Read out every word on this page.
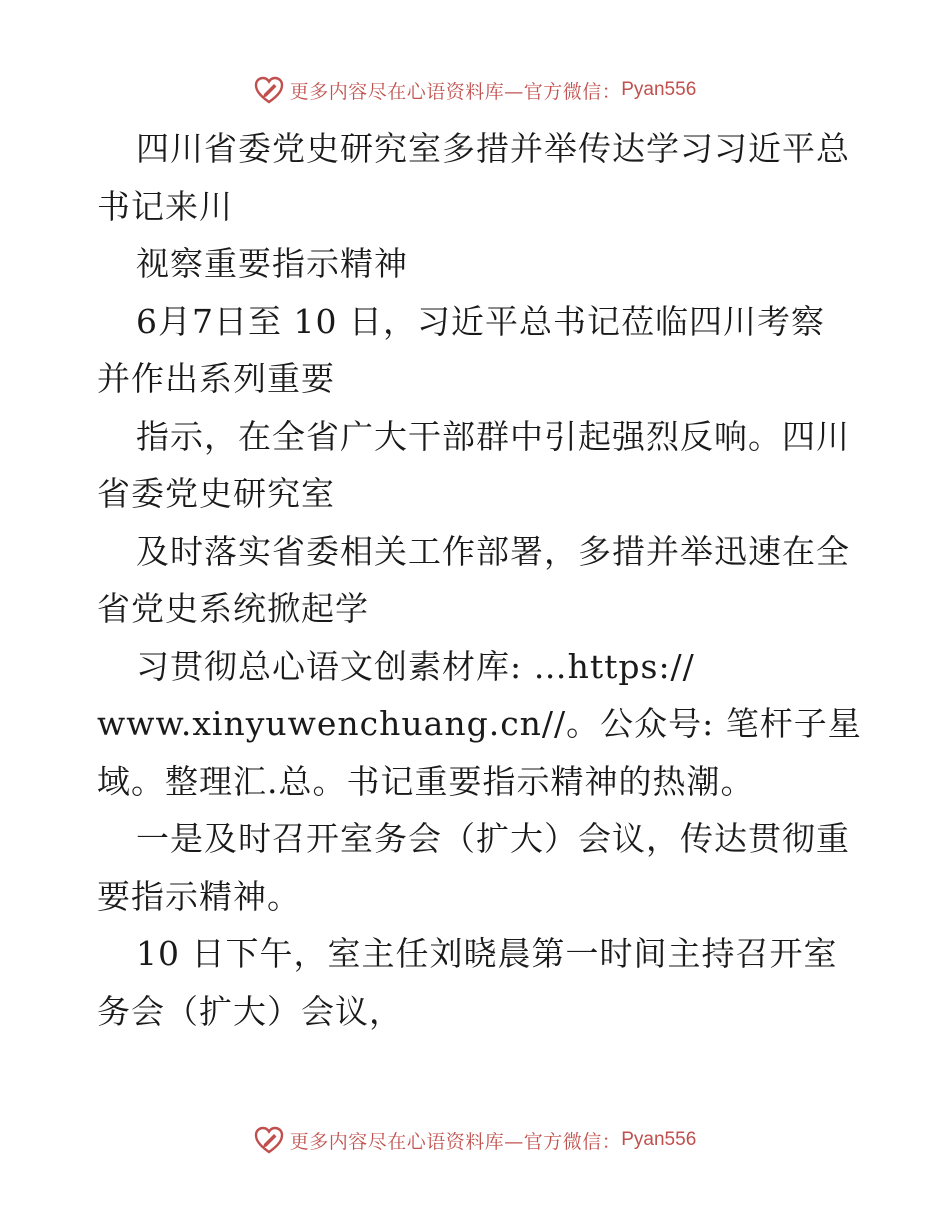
更多内容尽在心语资料库—官方微信： Pyan556
四川省委党史研究室多措并举传达学习习近平总
书记来川
视察重要指示精神
6月7日至 10 日，习近平总书记莅临四川考察
并作出系列重要
指示，在全省广大干部群中引起强烈反响。四川
省委党史研究室
及时落实省委相关工作部署，多措并举迅速在全
省党史系统掀起学
习贯彻总心语文创素材库: …https://
www.xinyuwenchuang.cn//。公众号: 笔杆子星
域。整理汇.总。书记重要指示精神的热潮。
一是及时召开室务会（扩大）会议，传达贯彻重
要指示精神。
10 日下午，室主任刘晓晨第一时间主持召开室
务会（扩大）会议，
更多内容尽在心语资料库—官方微信： Pyan556
